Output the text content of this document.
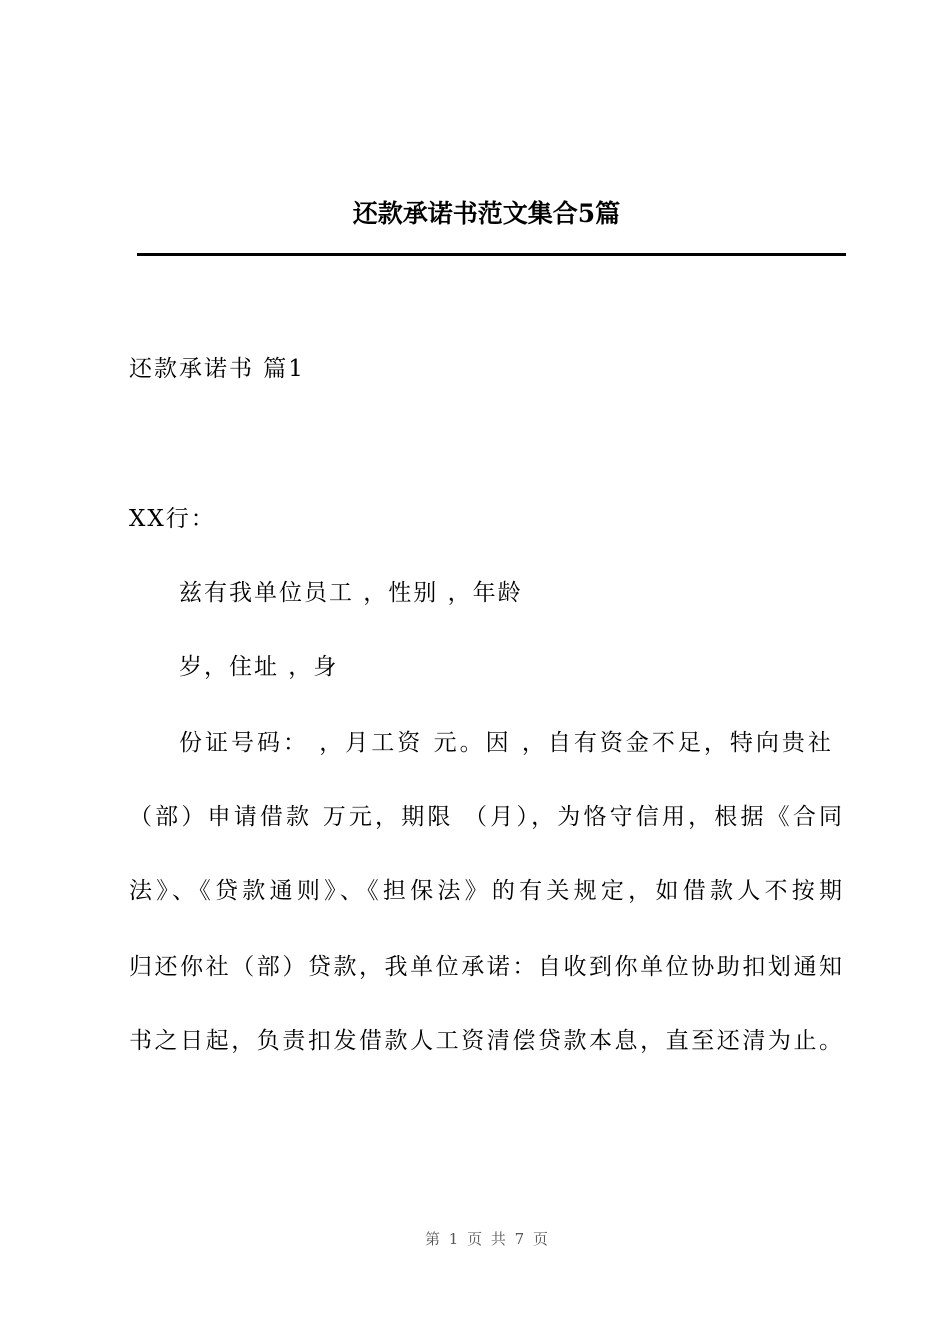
还款承诺书范文集合5篇
还款承诺书 篇1
XX行：
兹有我单位员工 ，性别 ，年龄
岁，住址 ，身
份证号码： ，月工资 元。因 ，自有资金不足，特向贵社
（部）申请借款 万元，期限 （月），为恪守信用，根据《合同
法》、《贷款通则》、《担保法》的有关规定，如借款人不按期
归还你社（部）贷款，我单位承诺：自收到你单位协助扣划通知
书之日起，负责扣发借款人工资清偿贷款本息，直至还清为止。
第 1 页 共 7 页
